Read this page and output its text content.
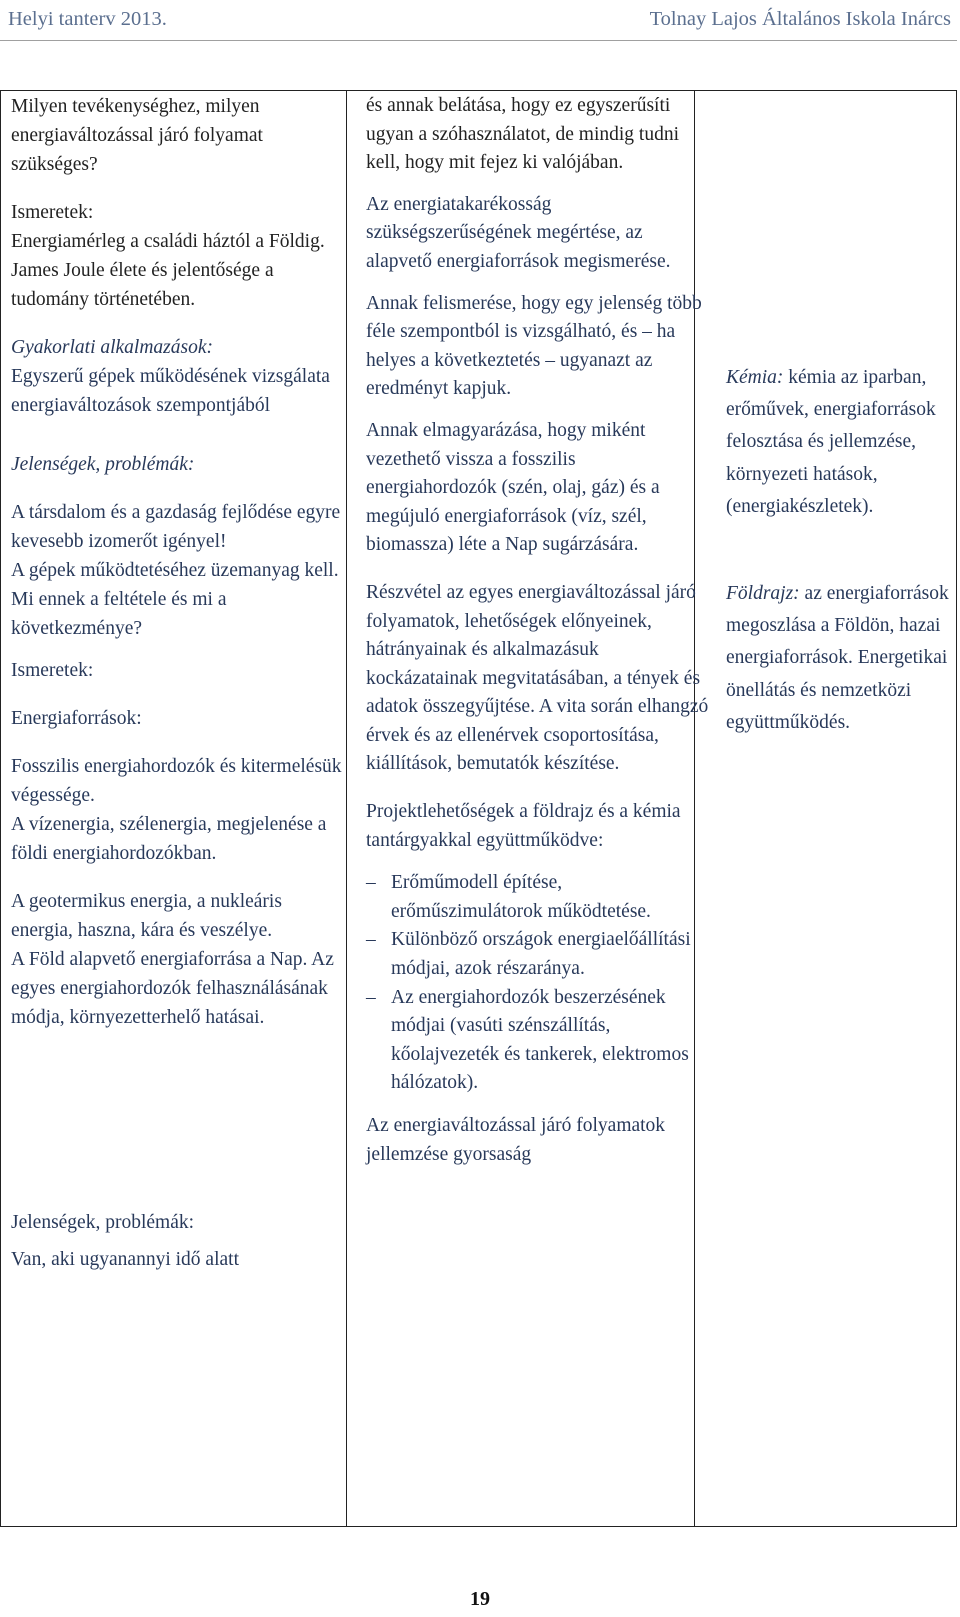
Helyi tanterv 2013.	Tolnay Lajos Általános Iskola Inárcs

Milyen tevékenységhez, milyen energiaváltozással járó folyamat szükséges?

Ismeretek:

Energiamérleg a családi háztól a Földig.

James Joule élete és jelentősége a tudomány történetében.

Gyakorlati alkalmazások:

Egyszerű gépek működésének vizsgálata energiaváltozások szempontjából

Jelenségek, problémák:

A társdalom és a gazdaság fejlődése egyre kevesebb izomerőt igényel!

A gépek működtetéséhez üzemanyag kell. Mi ennek a feltétele és mi a következménye?

Ismeretek:

Energiaforrások:

Fosszilis energiahordozók és kitermelésük végessége.

A vízenergia, szélenergia, megjelenése a földi energiahordozókban.

A geotermikus energia, a nukleáris energia, haszna, kára és veszélye.

A Föld alapvető energiaforrása a Nap. Az egyes energiahordozók felhasználásának módja, környezetterhelő hatásai.

Jelenségek, problémák:

Van, aki ugyanannyi idő alatt

és annak belátása, hogy ez egyszerűsíti ugyan a szóhasználatot, de mindig tudni kell, hogy mit fejez ki valójában.

Az energiatakarékosság szükségszerűségének megértése, az alapvető energiaforrások megismerése.

Annak felismerése, hogy egy jelenség több féle szempontból is vizsgálható, és – ha helyes a következtetés – ugyanazt az eredményt kapjuk.

Annak elmagyarázása, hogy miként vezethető vissza a fosszilis energiahordozók (szén, olaj, gáz) és a megújuló energiaforrások (víz, szél, biomassza) léte a Nap sugárzására.

Részvétel az egyes energiaváltozással járó folyamatok, lehetőségek előnyeinek, hátrányainak és alkalmazásuk kockázatainak megvitatásában, a tények és adatok összegyűjtése. A vita során elhangzó érvek és az ellenérvek csoportosítása, kiállítások, bemutatók készítése.

Projektlehetőségek a földrajz és a kémia tantárgyakkal együttműködve:

– Erőműmodell építése, erőműszimulátorok működtetése.
– Különböző országok energiaelőállítási módjai, azok részaránya.
– Az energiahordozók beszerzésének módjai (vasúti szénszállítás, kőolajvezeték és tankerek, elektromos hálózatok).

Az energiaváltozással járó folyamatok jellemzése gyorsaság

Kémia: kémia az iparban, erőművek, energiaforrások felosztása és jellemzése, környezeti hatások, (energiakészletek).

Földrajz: az energiaforrások megoszlása a Földön, hazai energiaforrások. Energetikai önellátás és nemzetközi együttműködés.

19
